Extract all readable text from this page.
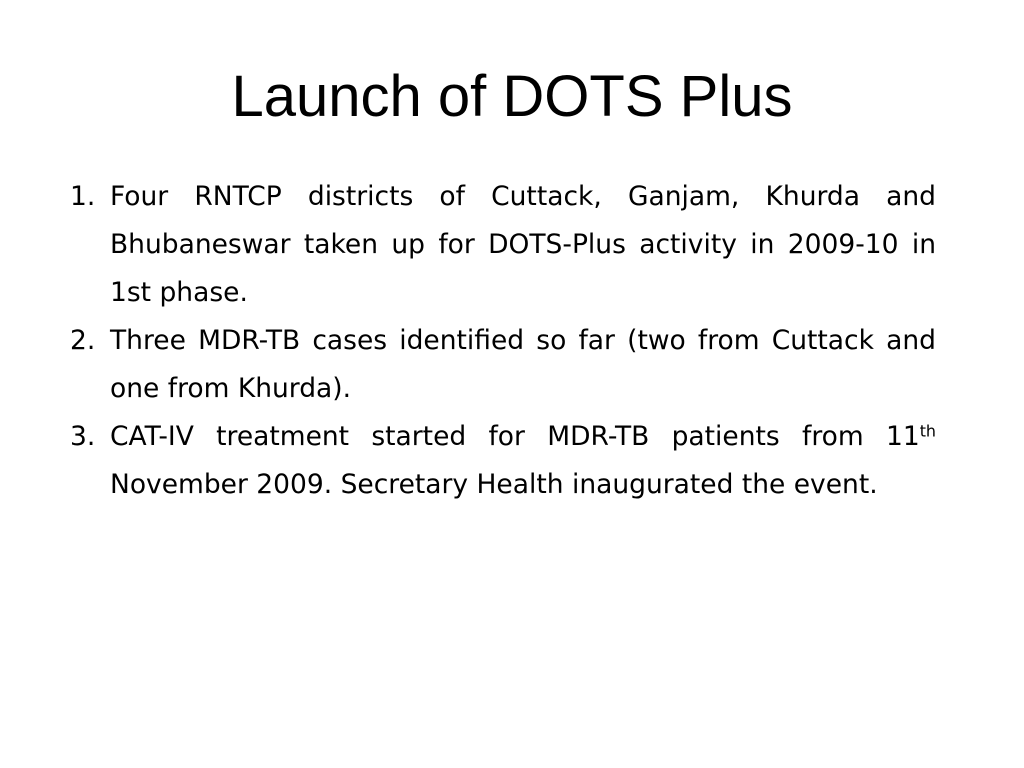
Launch of DOTS Plus
1. Four RNTCP districts of Cuttack, Ganjam, Khurda and Bhubaneswar taken up for DOTS-Plus activity in 2009-10 in 1st phase.
2. Three MDR-TB cases identified so far (two from Cuttack and one from Khurda).
3. CAT-IV treatment started for MDR-TB patients from 11th November 2009. Secretary Health inaugurated the event.
